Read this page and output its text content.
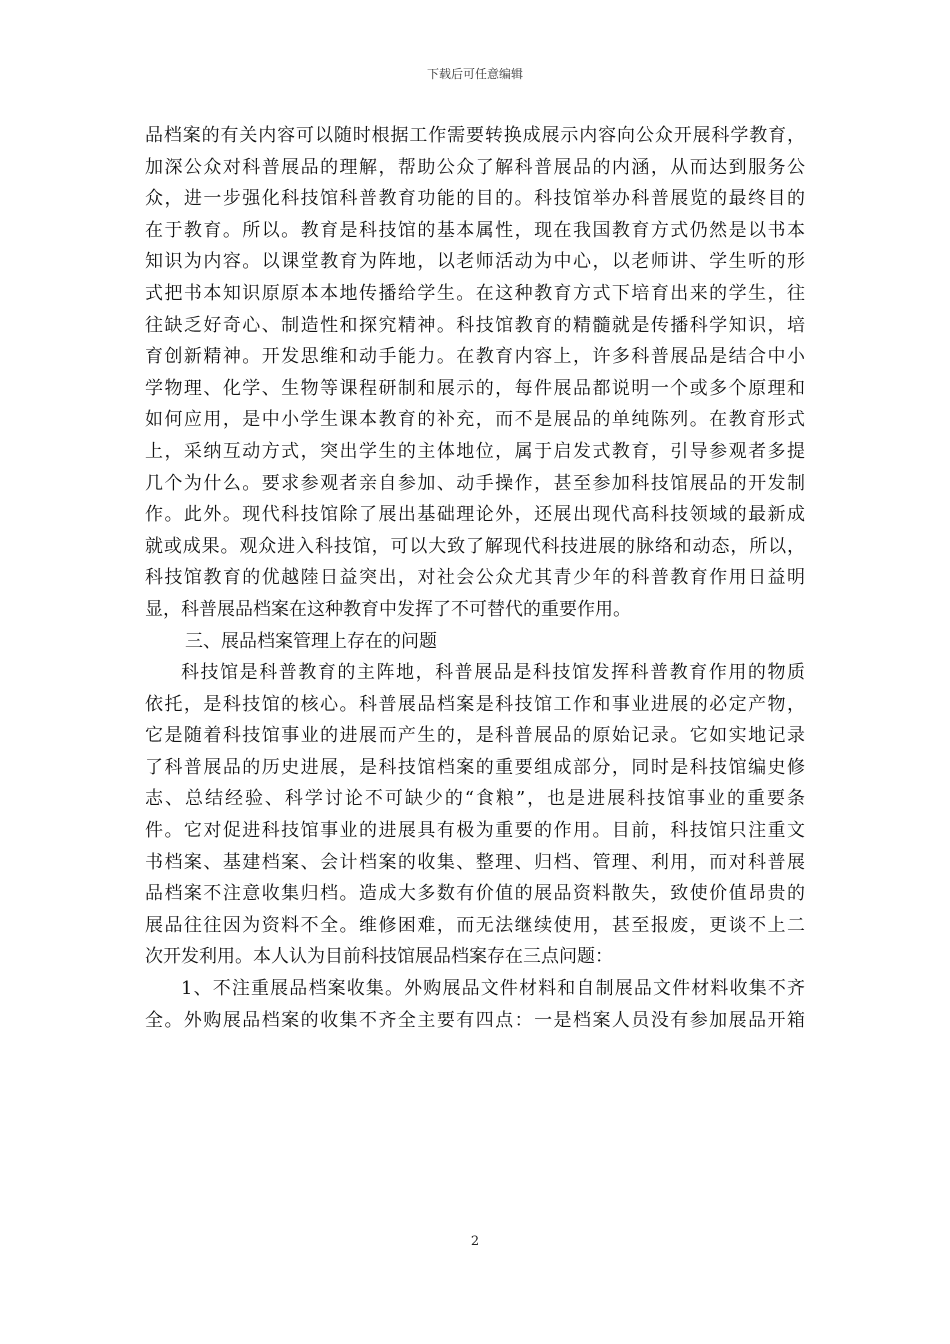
下载后可任意编辑
品档案的有关内容可以随时根据工作需要转换成展示内容向公众开展科学教育，
加深公众对科普展品的理解，帮助公众了解科普展品的内涵，从而达到服务公
众，进一步强化科技馆科普教育功能的目的。科技馆举办科普展览的最终目的
在于教育。所以。教育是科技馆的基本属性，现在我国教育方式仍然是以书本
知识为内容。以课堂教育为阵地，以老师活动为中心，以老师讲、学生听的形
式把书本知识原原本本地传播给学生。在这种教育方式下培育出来的学生，往
往缺乏好奇心、制造性和探究精神。科技馆教育的精髓就是传播科学知识，培
育创新精神。开发思维和动手能力。在教育内容上，许多科普展品是结合中小
学物理、化学、生物等课程研制和展示的，每件展品都说明一个或多个原理和
如何应用，是中小学生课本教育的补充，而不是展品的单纯陈列。在教育形式
上，采纳互动方式，突出学生的主体地位，属于启发式教育，引导参观者多提
几个为什么。要求参观者亲自参加、动手操作，甚至参加科技馆展品的开发制
作。此外。现代科技馆除了展出基础理论外，还展出现代高科技领域的最新成
就或成果。观众进入科技馆，可以大致了解现代科技进展的脉络和动态，所以，
科技馆教育的优越陸日益突出，对社会公众尤其青少年的科普教育作用日益明
显，科普展品档案在这种教育中发挥了不可替代的重要作用。
三、展品档案管理上存在的问题
科技馆是科普教育的主阵地，科普展品是科技馆发挥科普教育作用的物质
依托，是科技馆的核心。科普展品档案是科技馆工作和事业进展的必定产物，
它是随着科技馆事业的进展而产生的，是科普展品的原始记录。它如实地记录
了科普展品的历史进展，是科技馆档案的重要组成部分，同时是科技馆编史修
志、总结经验、科学讨论不可缺少的“食粮”，也是进展科技馆事业的重要条
件。它对促进科技馆事业的进展具有极为重要的作用。目前，科技馆只注重文
书档案、基建档案、会计档案的收集、整理、归档、管理、利用，而对科普展
品档案不注意收集归档。造成大多数有价值的展品资料散失，致使价值昂贵的
展品往往因为资料不全。维修困难，而无法继续使用，甚至报废，更谈不上二
次开发利用。本人认为目前科技馆展品档案存在三点问题：
1、不注重展品档案收集。外购展品文件材料和自制展品文件材料收集不齐
全。外购展品档案的收集不齐全主要有四点：一是档案人员没有参加展品开箱
2
